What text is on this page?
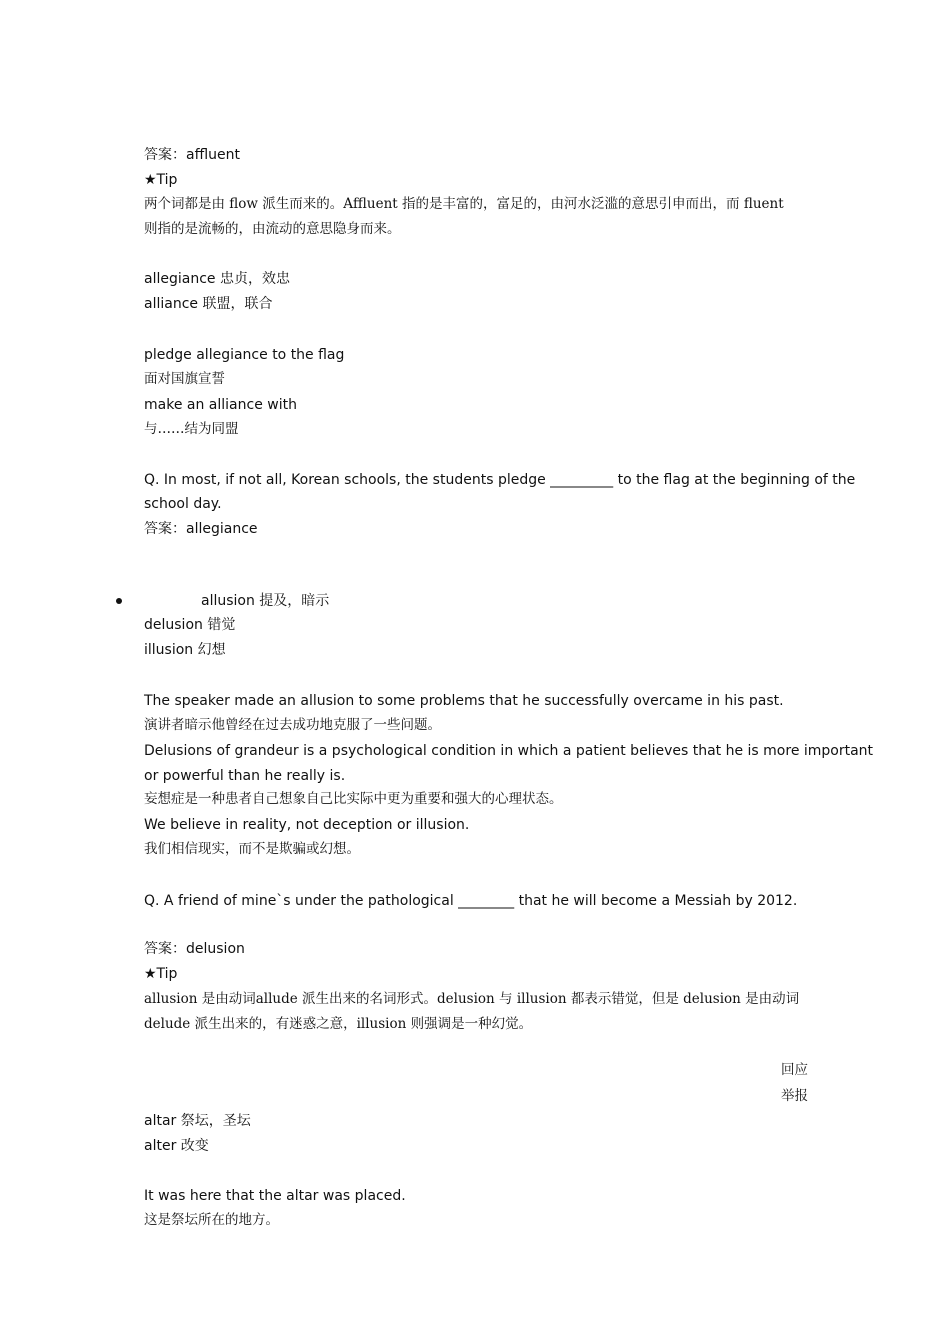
答案：affluent
★Tip
两个词都是由 flow 派生而来的。Affluent 指的是丰富的，富足的，由河水泛滥的意思引申而出，而 fluent
则指的是流畅的，由流动的意思隐身而来。
allegiance 忠贞，效忠
alliance 联盟，联合
pledge allegiance to the flag
面对国旗宣誓
make an alliance with
与……结为同盟
Q. In most, if not all, Korean schools, the students pledge _________ to the flag at the beginning of the
school day.
答案：allegiance
allusion 提及，暗示
delusion 错觉
illusion 幻想
The speaker made an allusion to some problems that he successfully overcame in his past.
演讲者暗示他曾经在过去成功地克服了一些问题。
Delusions of grandeur is a psychological condition in which a patient believes that he is more important
or powerful than he really is.
妄想症是一种患者自己想象自己比实际中更为重要和强大的心理状态。
We believe in reality, not deception or illusion.
我们相信现实，而不是欺骗或幻想。
Q. A friend of mine`s under the pathological ________ that he will become a Messiah by 2012.
答案：delusion
★Tip
allusion 是由动词allude 派生出来的名词形式。delusion 与 illusion 都表示错觉，但是 delusion 是由动词
delude 派生出来的，有迷惑之意，illusion 则强调是一种幻觉。
回应
举报
altar 祭坛，圣坛
alter 改变
It was here that the altar was placed.
这是祭坛所在的地方。
